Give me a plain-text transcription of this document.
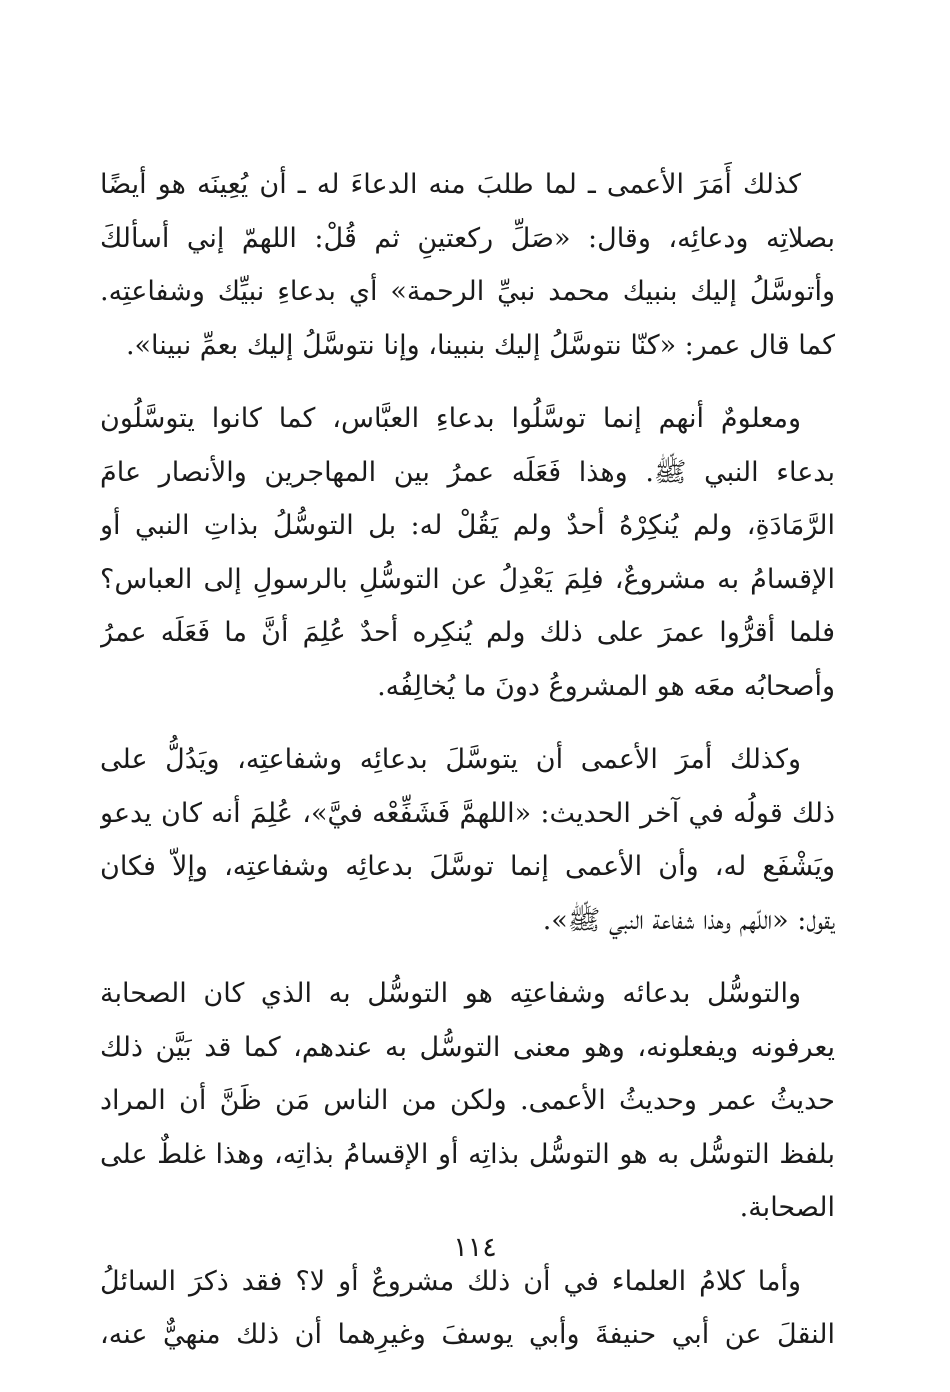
كذلك أَمَرَ الأعمى ـ لما طلبَ منه الدعاءَ له ـ أن يُعِينَه هو أيضًا
بصلاتِه ودعائِه، وقال: «صَلِّ ركعتينِ ثم قُلْ: اللهمّ إني أسألكَ
وأتوسَّلُ إليك بنبيك محمد نبيِّ الرحمة» أي بدعاءِ نبيِّك وشفاعتِه.
كما قال عمر: «كنّا نتوسَّلُ إليك بنبينا، وإنا نتوسَّلُ إليك بعمِّ نبينا».
ومعلومٌ أنهم إنما توسَّلُوا بدعاءِ العبَّاس، كما كانوا يتوسَّلُون
بدعاء النبي ﷺ. وهذا فَعَلَه عمرُ بين المهاجرين والأنصار عامَ
الرَّمَادَةِ، ولم يُنكِرْهُ أحدٌ ولم يَقُلْ له: بل التوسُّلُ بذاتِ النبي أو
الإقسامُ به مشروعٌ، فلِمَ يَعْدِلُ عن التوسُّلِ بالرسولِ إلى العباس؟
فلما أقرُّوا عمرَ على ذلك ولم يُنكِره أحدٌ عُلِمَ أنَّ ما فَعَلَه عمرُ
وأصحابُه معَه هو المشروعُ دونَ ما يُخالِفُه.
وكذلك أمرَ الأعمى أن يتوسَّلَ بدعائِه وشفاعتِه، ويَدُلُّ على
ذلك قولُه في آخر الحديث: «اللهمَّ فَشَفِّعْه فيَّ»، عُلِمَ أنه كان يدعو
ويَشْفَع له، وأن الأعمى إنما توسَّلَ بدعائِه وشفاعتِه، وإلاّ فكان
يقول: «اللّهم وهذا شفاعة النبي ﷺ».
والتوسُّل بدعائه وشفاعتِه هو التوسُّل به الذي كان الصحابة
يعرفونه ويفعلونه، وهو معنى التوسُّل به عندهم، كما قد بَيَّن ذلك
حديثُ عمر وحديثُ الأعمى. ولكن من الناس مَن ظَنَّ أن المراد
بلفظ التوسُّل به هو التوسُّل بذاتِه أو الإقسامُ بذاتِه، وهذا غلطٌ على
الصحابة.
وأما كلامُ العلماء في أن ذلك مشروعٌ أو لا؟ فقد ذكرَ السائلُ
النقلَ عن أبي حنيفةَ وأبي يوسفَ وغيرِهما أن ذلك منهيٌّ عنه،
١١٤
